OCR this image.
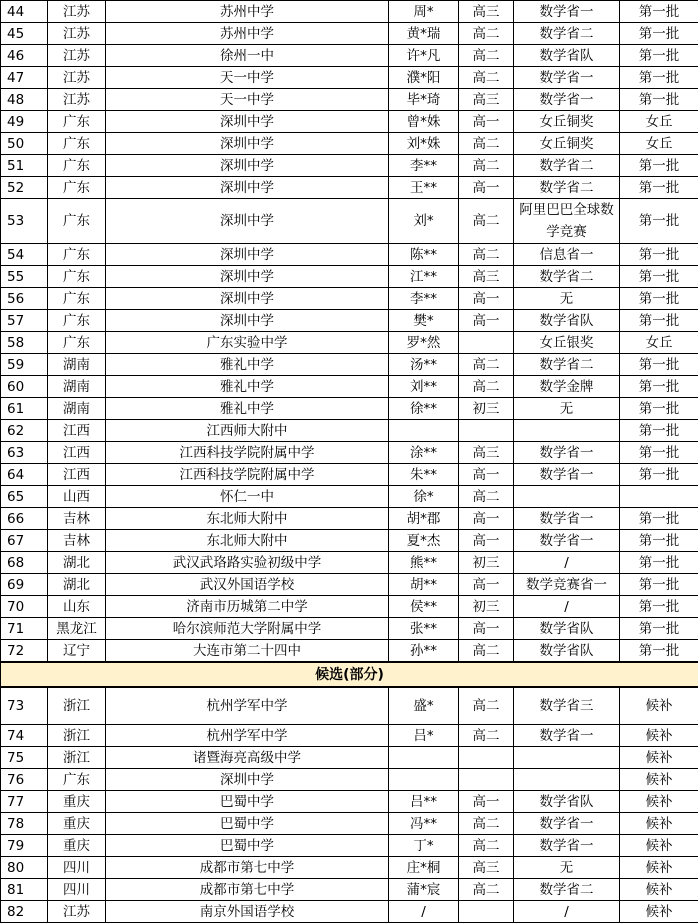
44	江苏	苏州中学	周*	高三	数学省一	第一批
45	江苏	苏州中学	黄*瑞	高二	数学省二	第一批
46	江苏	徐州一中	许*凡	高二	数学省队	第一批
47	江苏	天一中学	濮*阳	高二	数学省一	第一批
48	江苏	天一中学	毕*琦	高三	数学省一	第一批
49	广东	深圳中学	曾*姝	高一	女丘铜奖	女丘
50	广东	深圳中学	刘*姝	高二	女丘铜奖	女丘
51	广东	深圳中学	李**	高二	数学省二	第一批
52	广东	深圳中学	王**	高一	数学省二	第一批
53	广东	深圳中学	刘*	高二	阿里巴巴全球数学竞赛	第一批
54	广东	深圳中学	陈**	高二	信息省一	第一批
55	广东	深圳中学	江**	高三	数学省二	第一批
56	广东	深圳中学	李**	高一	无	第一批
57	广东	深圳中学	樊*	高一	数学省队	第一批
58	广东	广东实验中学	罗*然		女丘银奖	女丘
59	湖南	雅礼中学	汤**	高二	数学省二	第一批
60	湖南	雅礼中学	刘**	高二	数学金牌	第一批
61	湖南	雅礼中学	徐**	初三	无	第一批
62	江西	江西师大附中				第一批
63	江西	江西科技学院附属中学	涂**	高三	数学省一	第一批
64	江西	江西科技学院附属中学	朱**	高一	数学省一	第一批
65	山西	怀仁一中	徐*	高二		
66	吉林	东北师大附中	胡*郡	高一	数学省一	第一批
67	吉林	东北师大附中	夏*杰	高一	数学省一	第一批
68	湖北	武汉武珞路实验初级中学	熊**	初三	/	第一批
69	湖北	武汉外国语学校	胡**	高一	数学竞赛省一	第一批
70	山东	济南市历城第二中学	侯**	初三	/	第一批
71	黑龙江	哈尔滨师范大学附属中学	张**	高一	数学省队	第一批
72	辽宁	大连市第二十四中	孙**	高二	数学省队	第一批
候选(部分)						
73	浙江	杭州学军中学	盛*	高二	数学省三	候补
74	浙江	杭州学军中学	吕*	高二	数学省一	候补
75	浙江	诸暨海亮高级中学				候补
76	广东	深圳中学				候补
77	重庆	巴蜀中学	吕**	高一	数学省队	候补
78	重庆	巴蜀中学	冯**	高二	数学省一	候补
79	重庆	巴蜀中学	丁*	高二	数学省一	候补
80	四川	成都市第七中学	庄*桐	高三	无	候补
81	四川	成都市第七中学	蒲*宸	高二	数学省二	候补
82	江苏	南京外国语学校	/		/	候补
